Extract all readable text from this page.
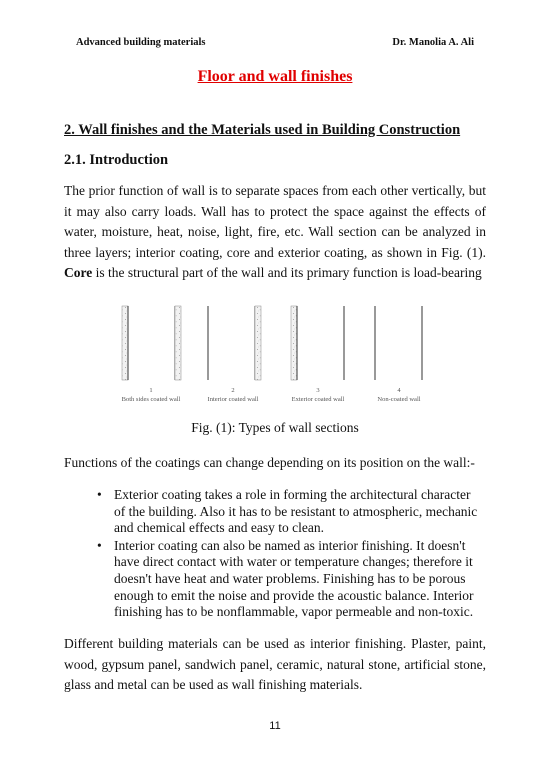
Advanced building materials	Dr. Manolia A. Ali
Floor and wall finishes
2. Wall finishes and the Materials used in Building Construction
2.1. Introduction
The prior function of wall is to separate spaces from each other vertically, but it may also carry loads. Wall has to protect the space against the effects of water, moisture, heat, noise, light, fire, etc. Wall section can be analyzed in three layers; interior coating, core and exterior coating, as shown in Fig. (1). Core is the structural part of the wall and its primary function is load-bearing
1
Both sides coated wall
2
Interior coated wall
3
Exterior coated wall
4
Non-coated wall
Fig. (1): Types of wall sections
Functions of the coatings can change depending on its position on the wall:-
• Exterior coating takes a role in forming the architectural character of the building. Also it has to be resistant to atmospheric, mechanic and chemical effects and easy to clean.
• Interior coating can also be named as interior finishing. It doesn't have direct contact with water or temperature changes; therefore it doesn't have heat and water problems. Finishing has to be porous enough to emit the noise and provide the acoustic balance. Interior finishing has to be nonflammable, vapor permeable and non-toxic.
Different building materials can be used as interior finishing. Plaster, paint, wood, gypsum panel, sandwich panel, ceramic, natural stone, artificial stone, glass and metal can be used as wall finishing materials.
11
